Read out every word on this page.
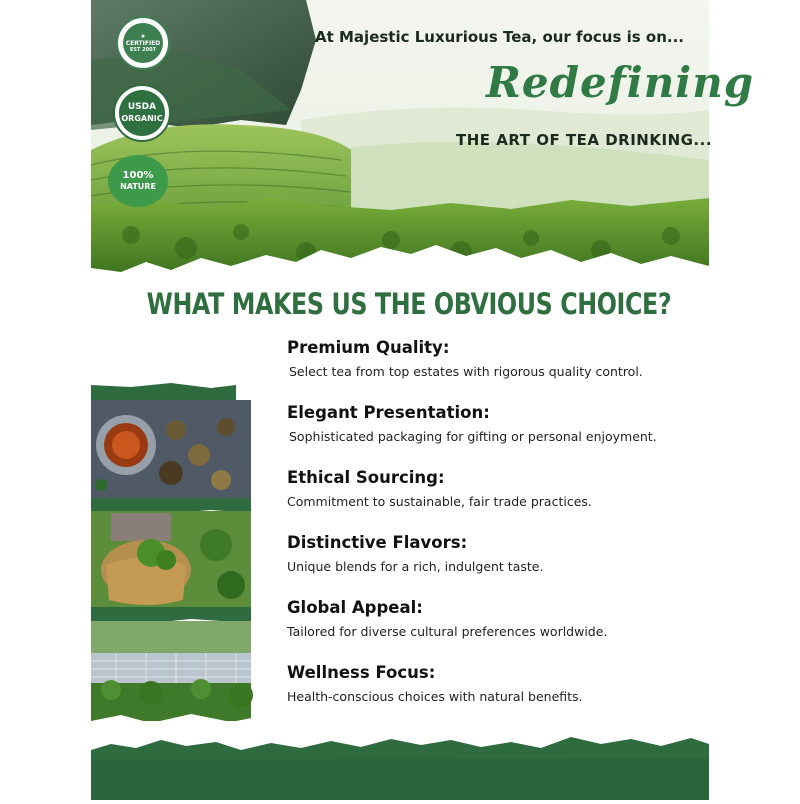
★
CERTIFIED
EST 2007
USDA
ORGANIC
100%
NATURE
At Majestic Luxurious Tea, our focus is on...
Redefining
THE ART OF TEA DRINKING...
WHAT MAKES US THE OBVIOUS CHOICE?
Premium Quality:
Select tea from top estates with rigorous quality control.
Elegant Presentation:
Sophisticated packaging for gifting or personal enjoyment.
Ethical Sourcing:
Commitment to sustainable, fair trade practices.
Distinctive Flavors:
Unique blends for a rich, indulgent taste.
Global Appeal:
Tailored for diverse cultural preferences worldwide.
Wellness Focus:
Health-conscious choices with natural benefits.
